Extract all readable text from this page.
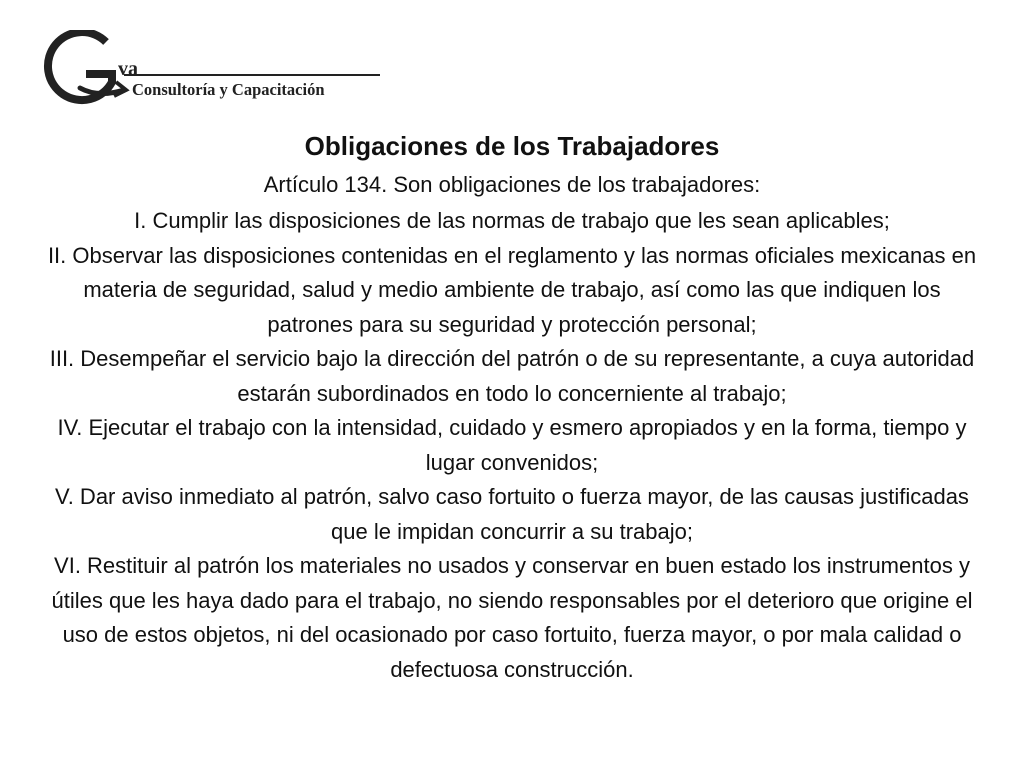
va
Consultoría y Capacitación
Obligaciones de los Trabajadores

Artículo 134. Son obligaciones de los trabajadores:

I. Cumplir las disposiciones de las normas de trabajo que les sean aplicables;
II. Observar las disposiciones contenidas en el reglamento y las normas oficiales mexicanas en materia de seguridad, salud y medio ambiente de trabajo, así como las que indiquen los patrones para su seguridad y protección personal;
III. Desempeñar el servicio bajo la dirección del patrón o de su representante, a cuya autoridad estarán subordinados en todo lo concerniente al trabajo;
IV. Ejecutar el trabajo con la intensidad, cuidado y esmero apropiados y en la forma, tiempo y lugar convenidos;
V. Dar aviso inmediato al patrón, salvo caso fortuito o fuerza mayor, de las causas justificadas que le impidan concurrir a su trabajo;
VI. Restituir al patrón los materiales no usados y conservar en buen estado los instrumentos y útiles que les haya dado para el trabajo, no siendo responsables por el deterioro que origine el uso de estos objetos, ni del ocasionado por caso fortuito, fuerza mayor, o por mala calidad o defectuosa construcción.
